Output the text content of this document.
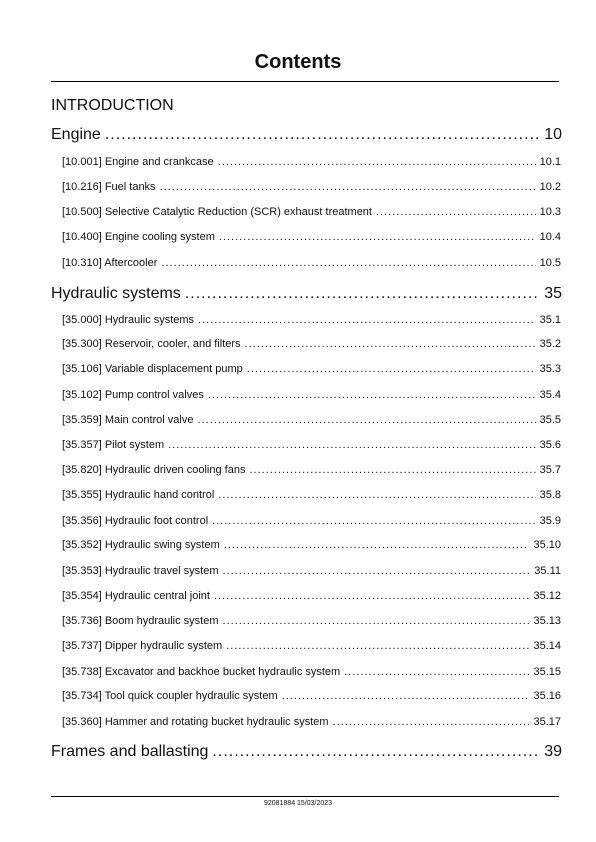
Contents
INTRODUCTION
Engine .....	10
[10.001] Engine and crankcase .....	10.1
[10.216] Fuel tanks .....	10.2
[10.500] Selective Catalytic Reduction (SCR) exhaust treatment .....	10.3
[10.400] Engine cooling system .....	10.4
[10.310] Aftercooler .....	10.5
Hydraulic systems .....	35
[35.000] Hydraulic systems .....	35.1
[35.300] Reservoir, cooler, and filters .....	35.2
[35.106] Variable displacement pump .....	35.3
[35.102] Pump control valves .....	35.4
[35.359] Main control valve .....	35.5
[35.357] Pilot system .....	35.6
[35.820] Hydraulic driven cooling fans .....	35.7
[35.355] Hydraulic hand control .....	35.8
[35.356] Hydraulic foot control .....	35.9
[35.352] Hydraulic swing system .....	35.10
[35.353] Hydraulic travel system .....	35.11
[35.354] Hydraulic central joint .....	35.12
[35.736] Boom hydraulic system .....	35.13
[35.737] Dipper hydraulic system .....	35.14
[35.738] Excavator and backhoe bucket hydraulic system .....	35.15
[35.734] Tool quick coupler hydraulic system .....	35.16
[35.360] Hammer and rotating bucket hydraulic system .....	35.17
Frames and ballasting .....	39
92081884 15/03/2023
